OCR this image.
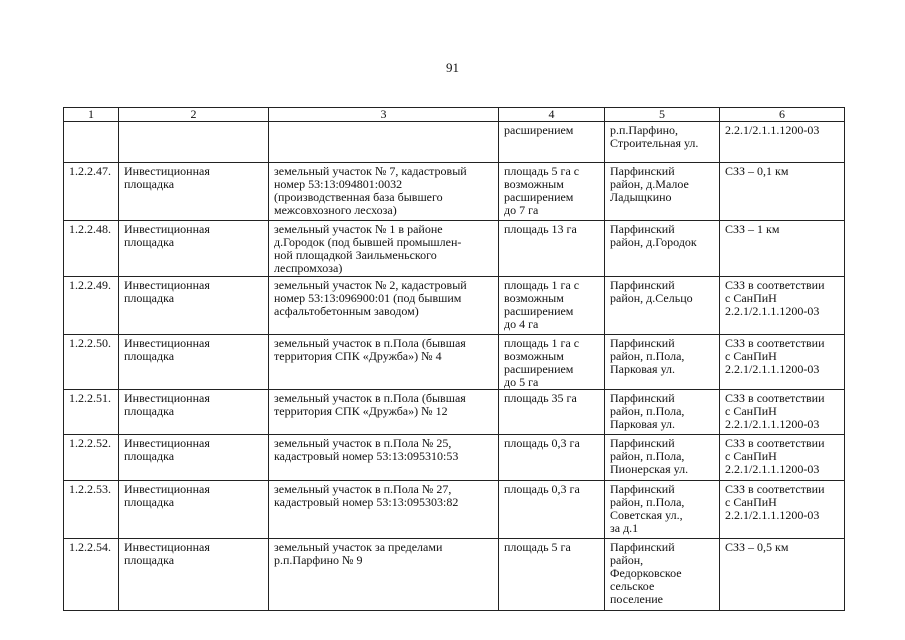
91
1	2	3	4	5	6
			расширением	р.п.Парфино,
Строительная ул.	2.2.1/2.1.1.1200-03
1.2.2.47.	Инвестиционная
площадка	земельный участок № 7, кадастровый
номер 53:13:094801:0032
(производственная база бывшего
межсовхозного лесхоза)	площадь 5 га с
возможным
расширением
до 7 га	Парфинский
район, д.Малое
Ладыщкино	СЗЗ – 0,1 км
1.2.2.48.	Инвестиционная
площадка	земельный участок № 1 в районе
д.Городок (под бывшей промышлен-
ной площадкой Заильменьского
леспромхоза)	площадь 13 га	Парфинский
район, д.Городок	СЗЗ – 1 км
1.2.2.49.	Инвестиционная
площадка	земельный участок № 2, кадастровый
номер 53:13:096900:01 (под бывшим
асфальтобетонным заводом)	площадь 1 га с
возможным
расширением
до 4 га	Парфинский
район, д.Сельцо	СЗЗ в соответствии
с СанПиН
2.2.1/2.1.1.1200-03
1.2.2.50.	Инвестиционная
площадка	земельный участок в п.Пола (бывшая
территория СПК «Дружба») № 4	площадь 1 га с
возможным
расширением
до 5 га	Парфинский
район, п.Пола,
Парковая ул.	СЗЗ в соответствии
с СанПиН
2.2.1/2.1.1.1200-03
1.2.2.51.	Инвестиционная
площадка	земельный участок в п.Пола (бывшая
территория СПК «Дружба») № 12	площадь 35 га	Парфинский
район, п.Пола,
Парковая ул.	СЗЗ в соответствии
с СанПиН
2.2.1/2.1.1.1200-03
1.2.2.52.	Инвестиционная
площадка	земельный участок в п.Пола № 25,
кадастровый номер 53:13:095310:53	площадь 0,3 га	Парфинский
район, п.Пола,
Пионерская ул.	СЗЗ в соответствии
с СанПиН
2.2.1/2.1.1.1200-03
1.2.2.53.	Инвестиционная
площадка	земельный участок в п.Пола № 27,
кадастровый номер 53:13:095303:82	площадь 0,3 га	Парфинский
район, п.Пола,
Советская ул.,
за д.1	СЗЗ в соответствии
с СанПиН
2.2.1/2.1.1.1200-03
1.2.2.54.	Инвестиционная
площадка	земельный участок за пределами
р.п.Парфино № 9	площадь 5 га	Парфинский
район,
Федорковское
сельское
поселение	СЗЗ – 0,5 км
